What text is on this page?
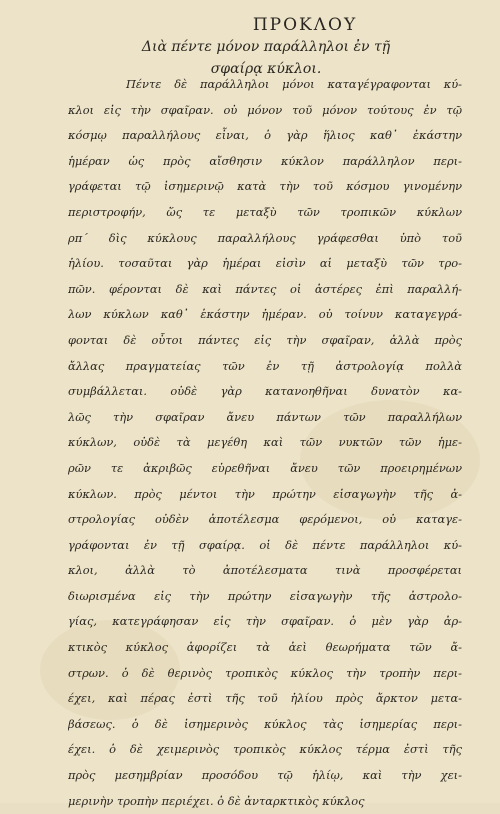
ΠΡΟΚΛΟΥ

Διὰ πέντε μόνον παράλληλοι ἐν τῇ

σφαίρᾳ κύκλοι.

Πέντε δὲ παράλληλοι μόνοι καταγέγραφονται κύ-
κλοι εἰς τὴν σφαῖραν. οὐ μόνον τοῦ μόνον τούτους ἐν τῷ
κόσμῳ παραλλήλους εἶναι, ὁ γὰρ ἥλιος καθ᾿ ἑκάστην
ἡμέραν ὡς πρὸς αἴσθησιν κύκλον παράλληλον περι-
γράφεται τῷ ἰσημερινῷ κατὰ τὴν τοῦ κόσμου γινομένην
περιστροφήν, ὥς τε μεταξὺ τῶν τροπικῶν κύκλων
ρπ΄ δὶς κύκλους παραλλήλους γράφεσθαι ὑπὸ τοῦ
ἡλίου. τοσαῦται γὰρ ἡμέραι εἰσὶν αἱ μεταξὺ τῶν τρο-
πῶν. φέρονται δὲ καὶ πάντες οἱ ἀστέρες ἐπὶ παραλλή-
λων κύκλων καθ᾿ ἑκάστην ἡμέραν. οὐ τοίνυν καταγεγρά-
φονται δὲ οὗτοι πάντες εἰς τὴν σφαῖραν, ἀλλὰ πρὸς
ἄλλας πραγματείας τῶν ἐν τῇ ἀστρολογίᾳ πολλὰ
συμβάλλεται. οὐδὲ γὰρ κατανοηθῆναι δυνατὸν κα-
λῶς τὴν σφαῖραν ἄνευ πάντων τῶν παραλλήλων
κύκλων, οὐδὲ τὰ μεγέθη καὶ τῶν νυκτῶν τῶν ἡμε-
ρῶν τε ἀκριβῶς εὑρεθῆναι ἄνευ τῶν προειρημένων
κύκλων. πρὸς μέντοι τὴν πρώτην εἰσαγωγὴν τῆς ἀ-
στρολογίας οὐδὲν ἀποτέλεσμα φερόμενοι, οὐ καταγε-
γράφονται ἐν τῇ σφαίρᾳ. οἱ δὲ πέντε παράλληλοι κύ-
κλοι, ἀλλὰ τὸ ἀποτέλεσματα τινὰ προσφέρεται
διωρισμένα εἰς τὴν πρώτην εἰσαγωγὴν τῆς ἀστρολο-
γίας, κατεγράφησαν εἰς τὴν σφαῖραν. ὁ μὲν γὰρ ἀρ-
κτικὸς κύκλος ἀφορίζει τὰ ἀεὶ θεωρήματα τῶν ἄ-
στρων. ὁ δὲ θερινὸς τροπικὸς κύκλος τὴν τροπὴν περι-
έχει, καὶ πέρας ἐστὶ τῆς τοῦ ἡλίου πρὸς ἄρκτον μετα-
βάσεως. ὁ δὲ ἰσημερινὸς κύκλος τὰς ἰσημερίας περι-
έχει. ὁ δὲ χειμερινὸς τροπικὸς κύκλος τέρμα ἐστὶ τῆς
πρὸς μεσημβρίαν προσόδου τῷ ἡλίῳ, καὶ τὴν χει-
μερινὴν τροπὴν περιέχει. ὁ δὲ ἀνταρκτικὸς κύκλος
